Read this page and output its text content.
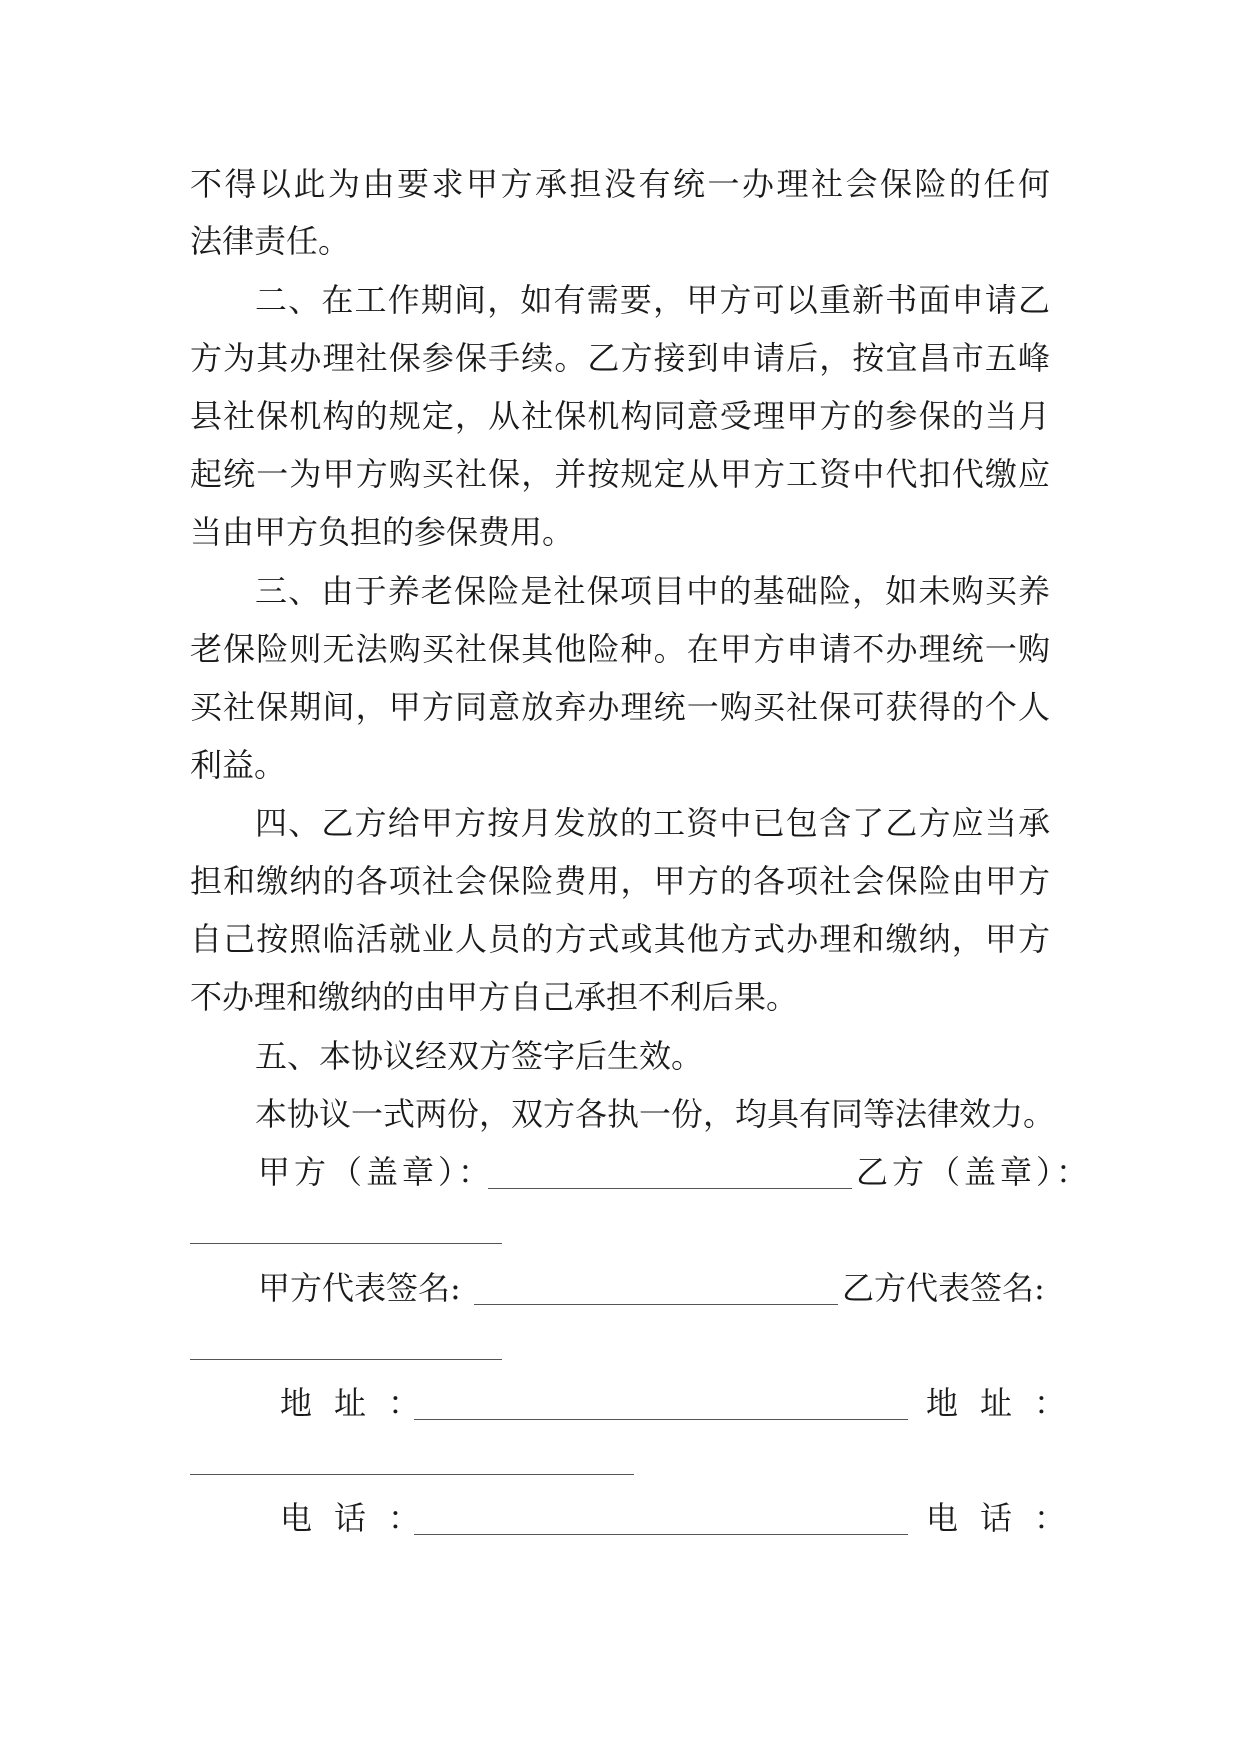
不得以此为由要求甲方承担没有统一办理社会保险的任何
法律责任。
二、在工作期间，如有需要，甲方可以重新书面申请乙
方为其办理社保参保手续。乙方接到申请后，按宜昌市五峰
县社保机构的规定，从社保机构同意受理甲方的参保的当月
起统一为甲方购买社保，并按规定从甲方工资中代扣代缴应
当由甲方负担的参保费用。
三、由于养老保险是社保项目中的基础险，如未购买养
老保险则无法购买社保其他险种。在甲方申请不办理统一购
买社保期间，甲方同意放弃办理统一购买社保可获得的个人
利益。
四、乙方给甲方按月发放的工资中已包含了乙方应当承
担和缴纳的各项社会保险费用，甲方的各项社会保险由甲方
自己按照临活就业人员的方式或其他方式办理和缴纳，甲方
不办理和缴纳的由甲方自己承担不利后果。
五、本协议经双方签字后生效。
本协议一式两份，双方各执一份，均具有同等法律效力。
甲方（盖章）：	乙方（盖章）：
甲方代表签名:	乙方代表签名:
地址：	地址：
电话：	电话：
